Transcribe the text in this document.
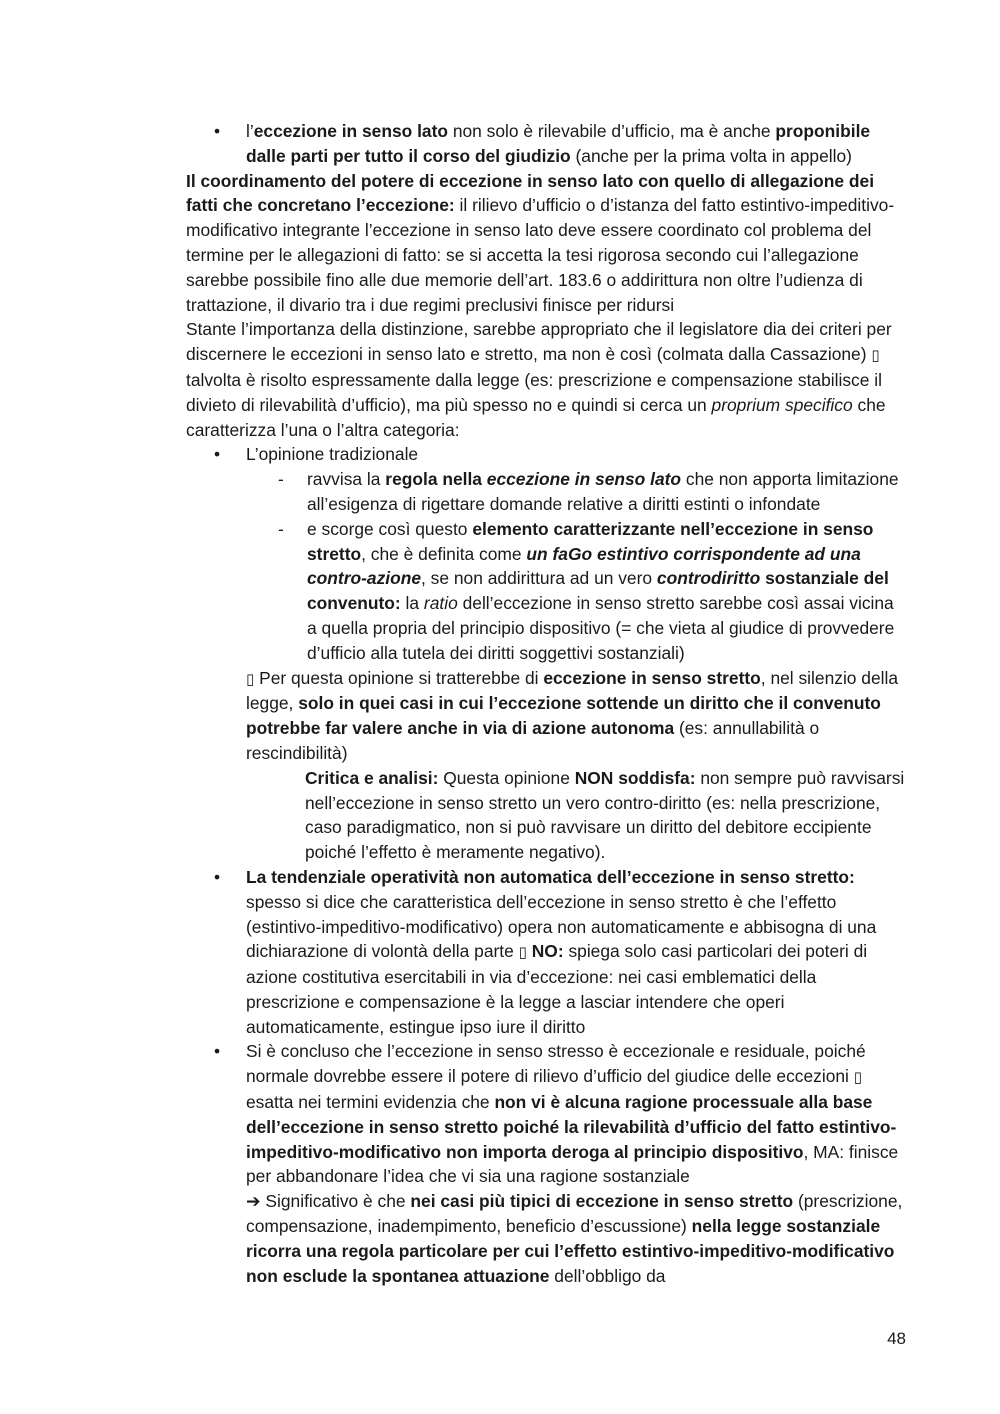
• l’eccezione in senso lato non solo è rilevabile d’ufficio, ma è anche proponibile dalle parti per tutto il corso del giudizio (anche per la prima volta in appello)

Il coordinamento del potere di eccezione in senso lato con quello di allegazione dei fatti che concretano l’eccezione: il rilievo d’ufficio o d’istanza del fatto estintivo-impeditivo-modificativo integrante l’eccezione in senso lato deve essere coordinato col problema del termine per le allegazioni di fatto: se si accetta la tesi rigorosa secondo cui l’allegazione sarebbe possibile fino alle due memorie dell’art. 183.6 o addirittura non oltre l’udienza di trattazione, il divario tra i due regimi preclusivi finisce per ridursi

Stante l’importanza della distinzione, sarebbe appropriato che il legislatore dia dei criteri per discernere le eccezioni in senso lato e stretto, ma non è così (colmata dalla Cassazione) ▯ talvolta è risolto espressamente dalla legge (es: prescrizione e compensazione stabilisce il divieto di rilevabilità d’ufficio), ma più spesso no e quindi si cerca un proprium specifico che caratterizza l’una o l’altra categoria:

• L’opinione tradizionale

- ravvisa la regola nella eccezione in senso lato che non apporta limitazione all’esigenza di rigettare domande relative a diritti estinti o infondate

- e scorge così questo elemento caratterizzante nell’eccezione in senso stretto, che è definita come un faGo estintivo corrispondente ad una contro-azione, se non addirittura ad un vero controdiritto sostanziale del convenuto: la ratio dell’eccezione in senso stretto sarebbe così assai vicina a quella propria del principio dispositivo (= che vieta al giudice di provvedere d’ufficio alla tutela dei diritti soggettivi sostanziali)

▯ Per questa opinione si tratterebbe di eccezione in senso stretto, nel silenzio della legge, solo in quei casi in cui l’eccezione sottende un diritto che il convenuto potrebbe far valere anche in via di azione autonoma (es: annullabilità o rescindibilità)

Critica e analisi: Questa opinione NON soddisfa: non sempre può ravvisarsi nell’eccezione in senso stretto un vero contro-diritto (es: nella prescrizione, caso paradigmatico, non si può ravvisare un diritto del debitore eccipiente poiché l’effetto è meramente negativo).

• La tendenziale operatività non automatica dell’eccezione in senso stretto: spesso si dice che caratteristica dell’eccezione in senso stretto è che l’effetto (estintivo-impeditivo-modificativo) opera non automaticamente e abbisogna di una dichiarazione di volontà della parte ▯ NO: spiega solo casi particolari dei poteri di azione costitutiva esercitabili in via d’eccezione: nei casi emblematici della prescrizione e compensazione è la legge a lasciar intendere che operi automaticamente, estingue ipso iure il diritto

• Si è concluso che l’eccezione in senso stresso è eccezionale e residuale, poiché normale dovrebbe essere il potere di rilievo d’ufficio del giudice delle eccezioni ▯ esatta nei termini evidenzia che non vi è alcuna ragione processuale alla base dell’eccezione in senso stretto poiché la rilevabilità d’ufficio del fatto estintivo-impeditivo-modificativo non importa deroga al principio dispositivo, MA: finisce per abbandonare l’idea che vi sia una ragione sostanziale
➔ Significativo è che nei casi più tipici di eccezione in senso stretto (prescrizione, compensazione, inadempimento, beneficio d’escussione) nella legge sostanziale ricorra una regola particolare per cui l’effetto estintivo-impeditivo-modificativo non esclude la spontanea attuazione dell’obbligo da

48
